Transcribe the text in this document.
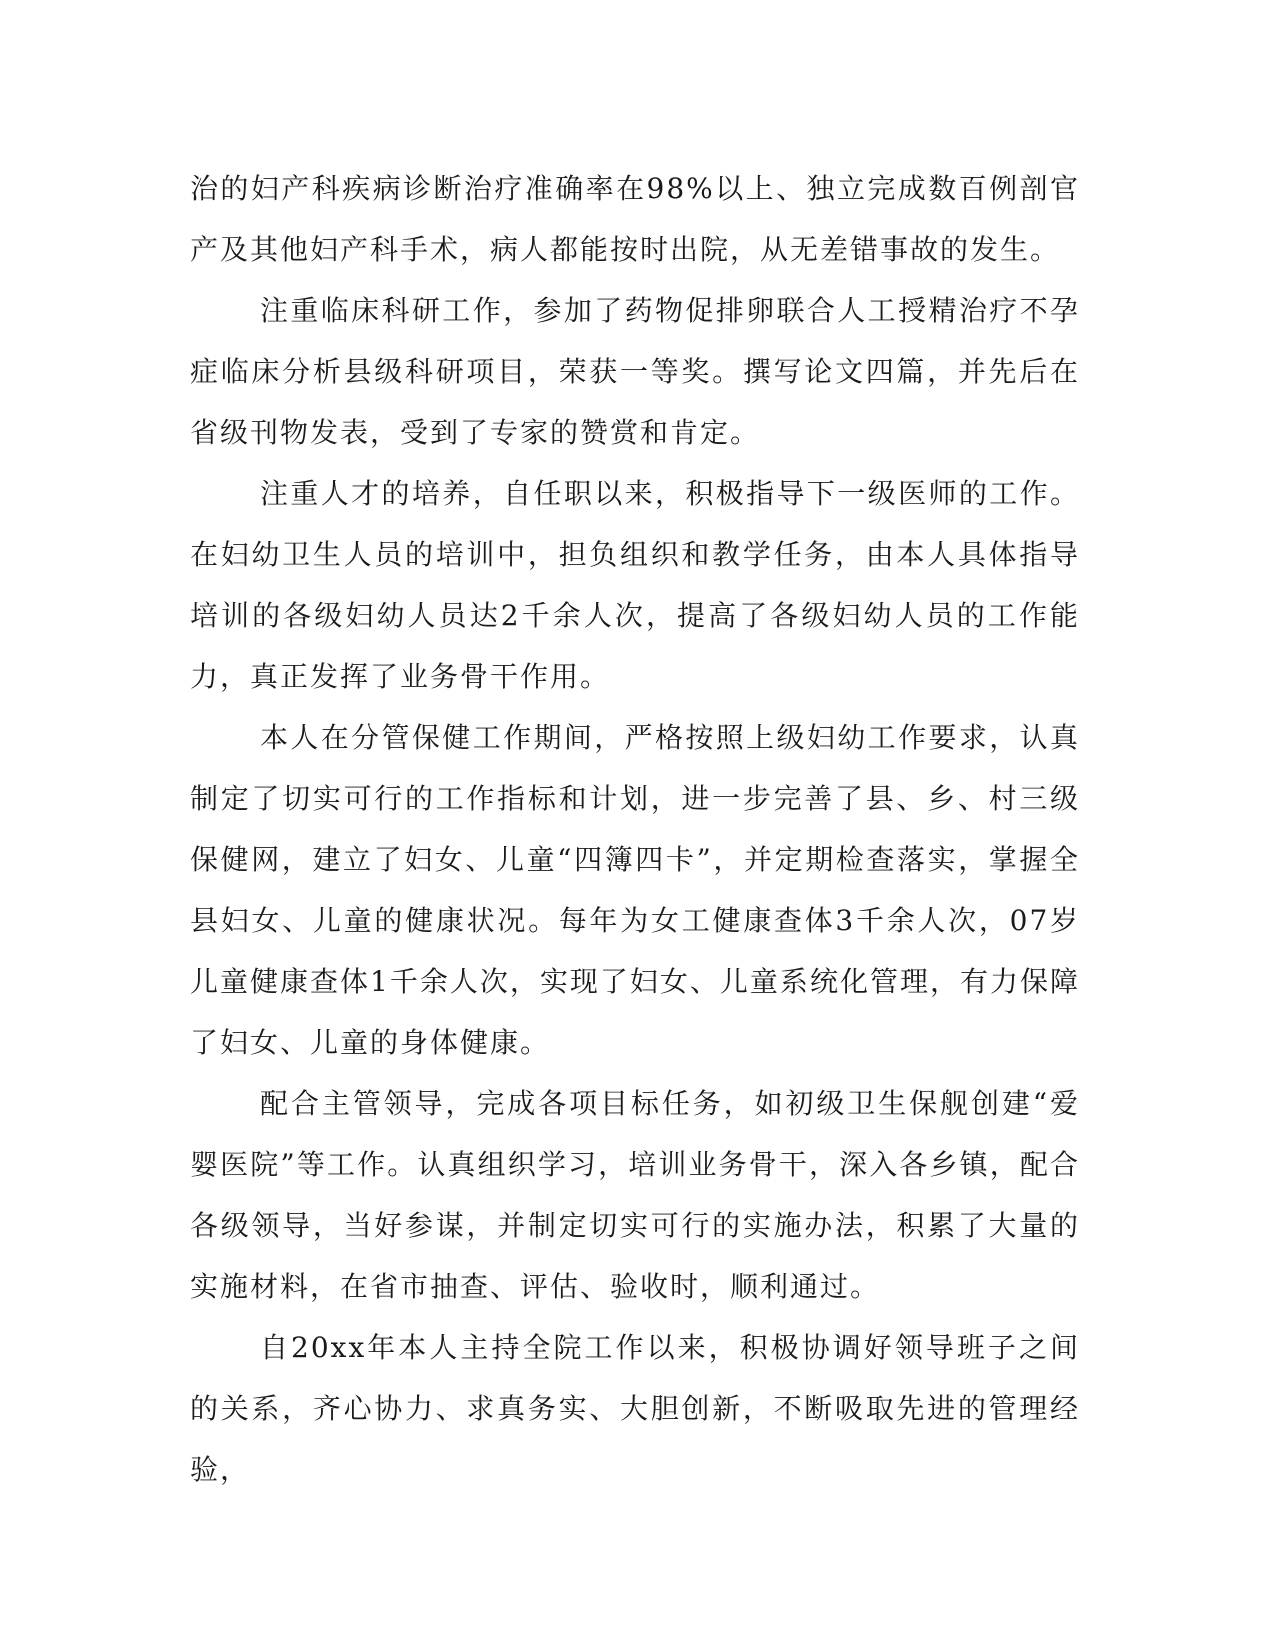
治的妇产科疾病诊断治疗准确率在98%以上、独立完成数百例剖官产及其他妇产科手术，病人都能按时出院，从无差错事故的发生。

注重临床科研工作，参加了药物促排卵联合人工授精治疗不孕症临床分析县级科研项目，荣获一等奖。撰写论文四篇，并先后在省级刊物发表，受到了专家的赞赏和肯定。

注重人才的培养，自任职以来，积极指导下一级医师的工作。在妇幼卫生人员的培训中，担负组织和教学任务，由本人具体指导培训的各级妇幼人员达2千余人次，提高了各级妇幼人员的工作能力，真正发挥了业务骨干作用。

本人在分管保健工作期间，严格按照上级妇幼工作要求，认真制定了切实可行的工作指标和计划，进一步完善了县、乡、村三级保健网，建立了妇女、儿童“四簿四卡”，并定期检查落实，掌握全县妇女、儿童的健康状况。每年为女工健康查体3千余人次，07岁儿童健康查体1千余人次，实现了妇女、儿童系统化管理，有力保障了妇女、儿童的身体健康。

配合主管领导，完成各项目标任务，如初级卫生保舰创建“爱婴医院”等工作。认真组织学习，培训业务骨干，深入各乡镇，配合各级领导，当好参谋，并制定切实可行的实施办法，积累了大量的实施材料，在省市抽查、评估、验收时，顺利通过。

自20xx年本人主持全院工作以来，积极协调好领导班子之间的关系，齐心协力、求真务实、大胆创新，不断吸取先进的管理经验，
